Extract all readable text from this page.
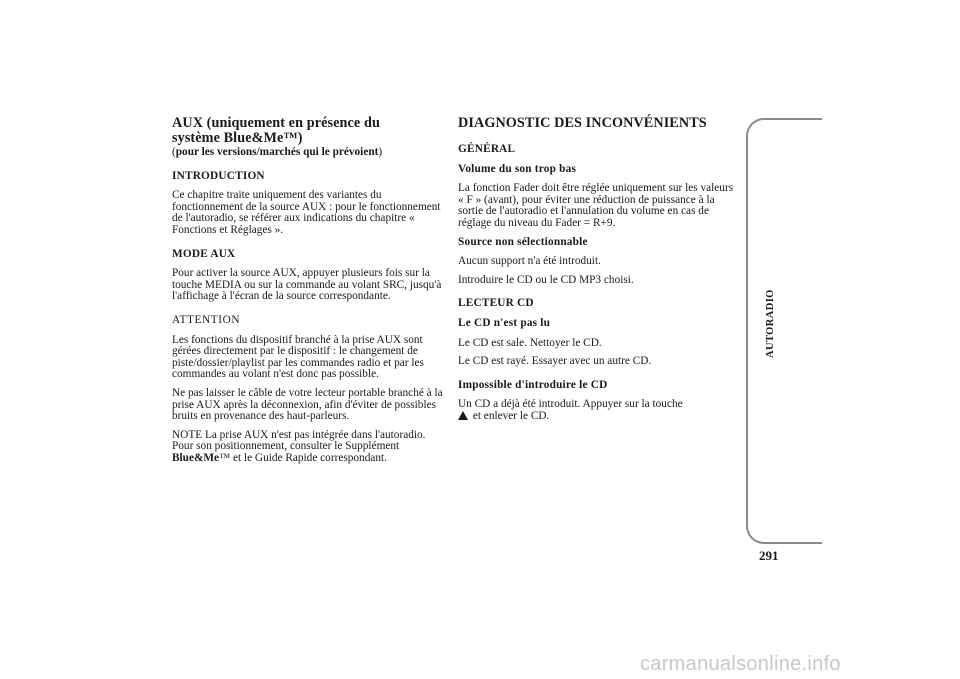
AUX (uniquement en présence du
système Blue&Me™)
(pour les versions/marchés qui le prévoient)
INTRODUCTION

Ce chapitre traite uniquement des variantes du fonctionnement de la source AUX : pour le fonctionnement de l'autoradio, se référer aux indications du chapitre « Fonctions et Réglages ».

MODE AUX

Pour activer la source AUX, appuyer plusieurs fois sur la touche MEDIA ou sur la commande au volant SRC, jusqu'à l'affichage à l'écran de la source correspondante.

ATTENTION

Les fonctions du dispositif branché à la prise AUX sont gérées directement par le dispositif : le changement de piste/dossier/playlist par les commandes radio et par les commandes au volant n'est donc pas possible.

Ne pas laisser le câble de votre lecteur portable branché à la prise AUX après la déconnexion, afin d'éviter de possibles bruits en provenance des haut-parleurs.

NOTE La prise AUX n'est pas intégrée dans l'autoradio. Pour son positionnement, consulter le Supplément Blue&Me™ et le Guide Rapide correspondant.

DIAGNOSTIC DES INCONVÉNIENTS
GÉNÉRAL
Volume du son trop bas

La fonction Fader doit être réglée uniquement sur les valeurs « F » (avant), pour éviter une réduction de puissance à la sortie de l'autoradio et l'annulation du volume en cas de réglage du niveau du Fader = R+9.

Source non sélectionnable

Aucun support n'a été introduit.

Introduire le CD ou le CD MP3 choisi.

LECTEUR CD
Le CD n'est pas lu

Le CD est sale. Nettoyer le CD.

Le CD est rayé. Essayer avec un autre CD.

Impossible d'introduire le CD

Un CD a déjà été introduit. Appuyer sur la touche
et enlever le CD.

AUTORADIO
291
carmanualsonline.info
